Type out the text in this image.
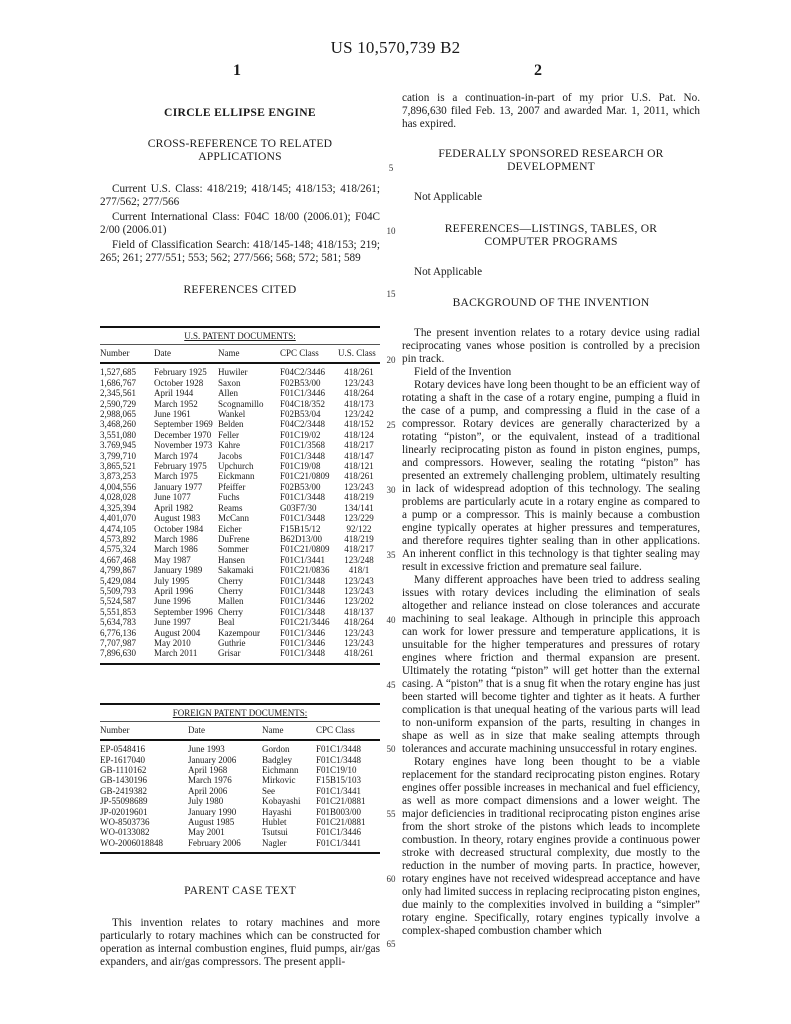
US 10,570,739 B2
1	2
5
10
15
20
25
30
35
40
45
50
55
60
65
CIRCLE ELLIPSE ENGINE
CROSS-REFERENCE TO RELATED APPLICATIONS

Current U.S. Class: 418/219; 418/145; 418/153; 418/261; 277/562; 277/566

Current International Class: F04C 18/00 (2006.01); F04C 2/00 (2006.01)

Field of Classification Search: 418/145-148; 418/153; 219; 265; 261; 277/551; 553; 562; 277/566; 568; 572; 581; 589

REFERENCES CITED
U.S. PATENT DOCUMENTS:
Number	Date	Name	CPC Class	U.S. Class
1,527,685	February 1925	Huwiler	F04C2/3446	418/261
1,686,767	October 1928	Saxon	F02B53/00	123/243
2,345,561	April 1944	Allen	F01C1/3446	418/264
2,590,729	March 1952	Scognamillo	F04C18/352	418/173
2,988,065	June 1961	Wankel	F02B53/04	123/242
3,468,260	September 1969	Belden	F04C2/3448	418/152
3,551,080	December 1970	Feller	F01C19/02	418/124
3.769,945	November 1973	Kahre	F01C1/3568	418/217
3,799,710	March 1974	Jacobs	F01C1/3448	418/147
3,865,521	February 1975	Upchurch	F01C19/08	418/121
3,873,253	March 1975	Eickmann	F01C21/0809	418/261
4,004,556	January 1977	Pfeiffer	F02B53/00	123/243
4,028,028	June 1077	Fuchs	F01C1/3448	418/219
4,325,394	April 1982	Reams	G03F7/30	134/141
4,401,070	August 1983	McCann	F01C1/3448	123/229
4,474,105	October 1984	Eicher	F15B15/12	92/122
4,573,892	March 1986	DuFrene	B62D13/00	418/219
4,575,324	March 1986	Sommer	F01C21/0809	418/217
4,667,468	May 1987	Hansen	F01C1/3441	123/248
4,799,867	January 1989	Sakamaki	F01C21/0836	418/1
5,429,084	July 1995	Cherry	F01C1/3448	123/243
5,509,793	April 1996	Cherry	F01C1/3448	123/243
5,524,587	June 1996	Mallen	F01C1/3446	123/202
5,551,853	September 1996	Cherry	F01C1/3448	418/137
5,634,783	June 1997	Beal	F01C21/3446	418/264
6,776,136	August 2004	Kazempour	F01C1/3446	123/243
7,707,987	May 2010	Guthrie	F01C1/3446	123/243
7,896,630	March 2011	Grisar	F01C1/3448	418/261
FOREIGN PATENT DOCUMENTS:
Number	Date	Name	CPC Class
EP-0548416	June 1993	Gordon	F01C1/3448
EP-1617040	January 2006	Badgley	F01C1/3448
GB-1110162	April 1968	Eichmann	F01C19/10
GB-1430196	March 1976	Mirkovic	F15B15/103
GB-2419382	April 2006	See	F01C1/3441
JP-55098689	July 1980	Kobayashi	F01C21/0881
JP-02019601	January 1990	Hayashi	F01B003/00
WO-8503736	August 1985	Hublet	F01C21/0881
WO-0133082	May 2001	Tsutsui	F01C1/3446
WO-2006018848	February 2006	Nagler	F01C1/3441
PARENT CASE TEXT

This invention relates to rotary machines and more particularly to rotary machines which can be constructed for operation as internal combustion engines, fluid pumps, air/gas expanders, and air/gas compressors. The present appli-

cation is a continuation-in-part of my prior U.S. Pat. No. 7,896,630 filed Feb. 13, 2007 and awarded Mar. 1, 2011, which has expired.

FEDERALLY SPONSORED RESEARCH OR DEVELOPMENT

Not Applicable

REFERENCES—LISTINGS, TABLES, OR COMPUTER PROGRAMS

Not Applicable

BACKGROUND OF THE INVENTION

The present invention relates to a rotary device using radial reciprocating vanes whose position is controlled by a precision pin track.

Field of the Invention

Rotary devices have long been thought to be an efficient way of rotating a shaft in the case of a rotary engine, pumping a fluid in the case of a pump, and compressing a fluid in the case of a compressor. Rotary devices are generally characterized by a rotating “piston”, or the equivalent, instead of a traditional linearly reciprocating piston as found in piston engines, pumps, and compressors. However, sealing the rotating “piston” has presented an extremely challenging problem, ultimately resulting in lack of widespread adoption of this technology. The sealing problems are particularly acute in a rotary engine as compared to a pump or a compressor. This is mainly because a combustion engine typically operates at higher pressures and temperatures, and therefore requires tighter sealing than in other applications. An inherent conflict in this technology is that tighter sealing may result in excessive friction and premature seal failure.

Many different approaches have been tried to address sealing issues with rotary devices including the elimination of seals altogether and reliance instead on close tolerances and accurate machining to seal leakage. Although in principle this approach can work for lower pressure and temperature applications, it is unsuitable for the higher temperatures and pressures of rotary engines where friction and thermal expansion are present. Ultimately the rotating “piston” will get hotter than the external casing. A “piston” that is a snug fit when the rotary engine has just been started will become tighter and tighter as it heats. A further complication is that unequal heating of the various parts will lead to non-uniform expansion of the parts, resulting in changes in shape as well as in size that make sealing attempts through tolerances and accurate machining unsuccessful in rotary engines.

Rotary engines have long been thought to be a viable replacement for the standard reciprocating piston engines. Rotary engines offer possible increases in mechanical and fuel efficiency, as well as more compact dimensions and a lower weight. The major deficiencies in traditional reciprocating piston engines arise from the short stroke of the pistons which leads to incomplete combustion. In theory, rotary engines provide a continuous power stroke with decreased structural complexity, due mostly to the reduction in the number of moving parts. In practice, however, rotary engines have not received widespread acceptance and have only had limited success in replacing reciprocating piston engines, due mainly to the complexities involved in building a “simpler” rotary engine. Specifically, rotary engines typically involve a complex-shaped combustion chamber which
